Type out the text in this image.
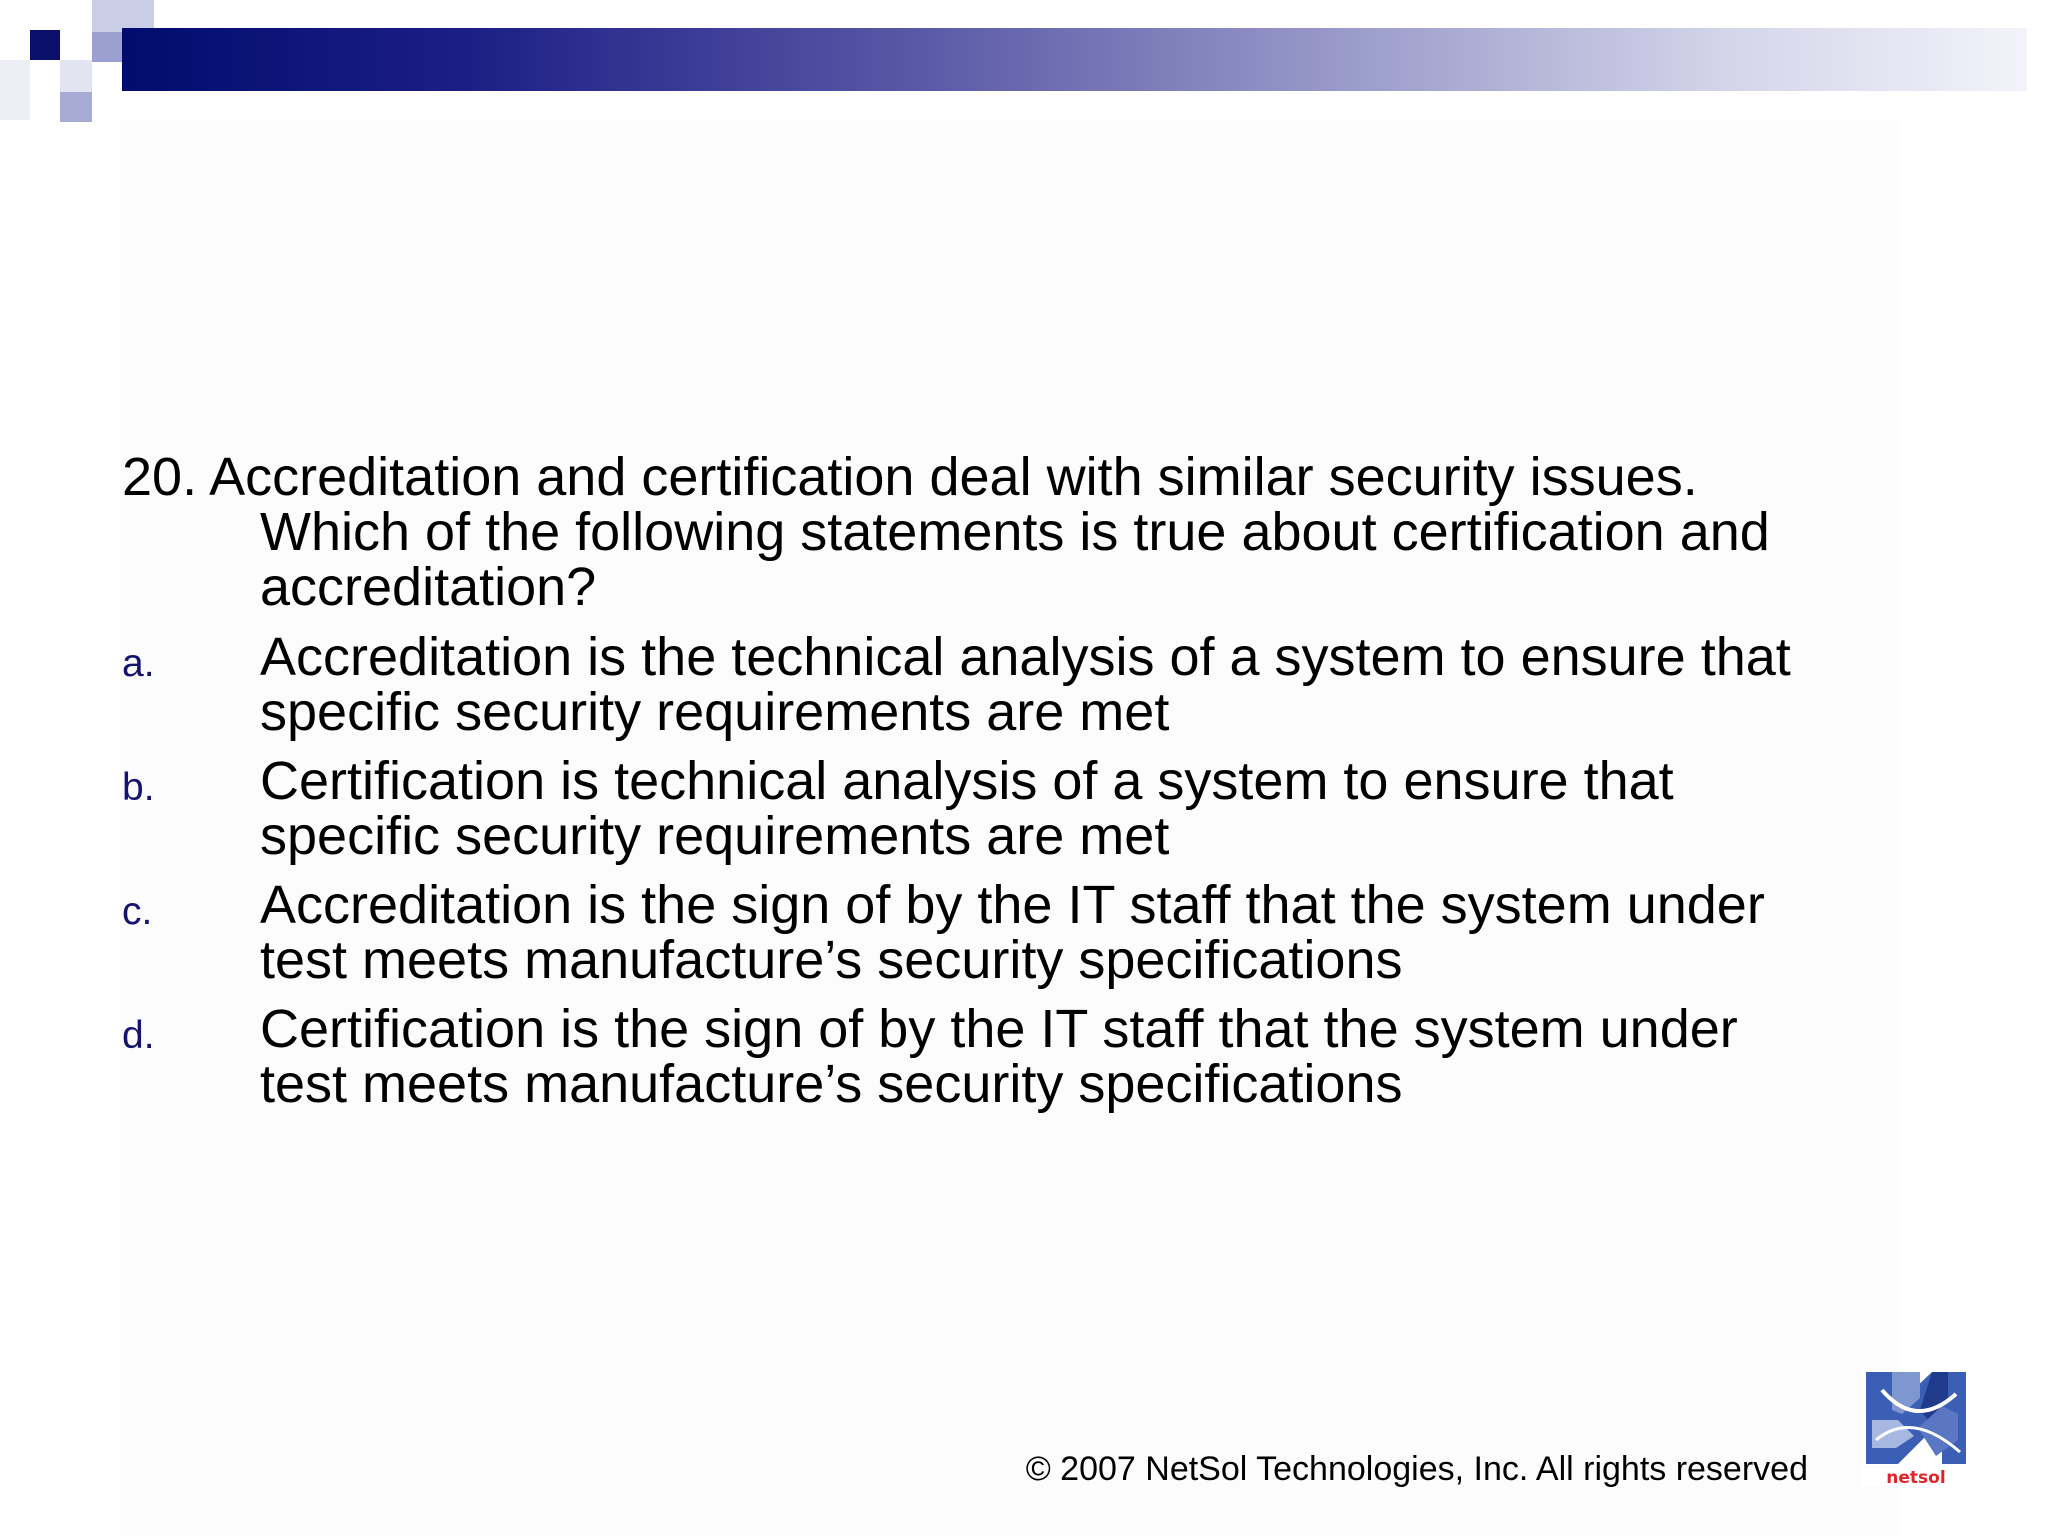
20. Accreditation and certification deal with similar security issues.
Which of the following statements is true about certification and
accreditation?
a. Accreditation is the technical analysis of a system to ensure that
specific security requirements are met
b. Certification is technical analysis of a system to ensure that
specific security requirements are met
c. Accreditation is the sign of by the IT staff that the system under
test meets manufacture’s security specifications
d. Certification is the sign of by the IT staff that the system under
test meets manufacture’s security specifications
© 2007 NetSol Technologies, Inc. All rights reserved	netsol
